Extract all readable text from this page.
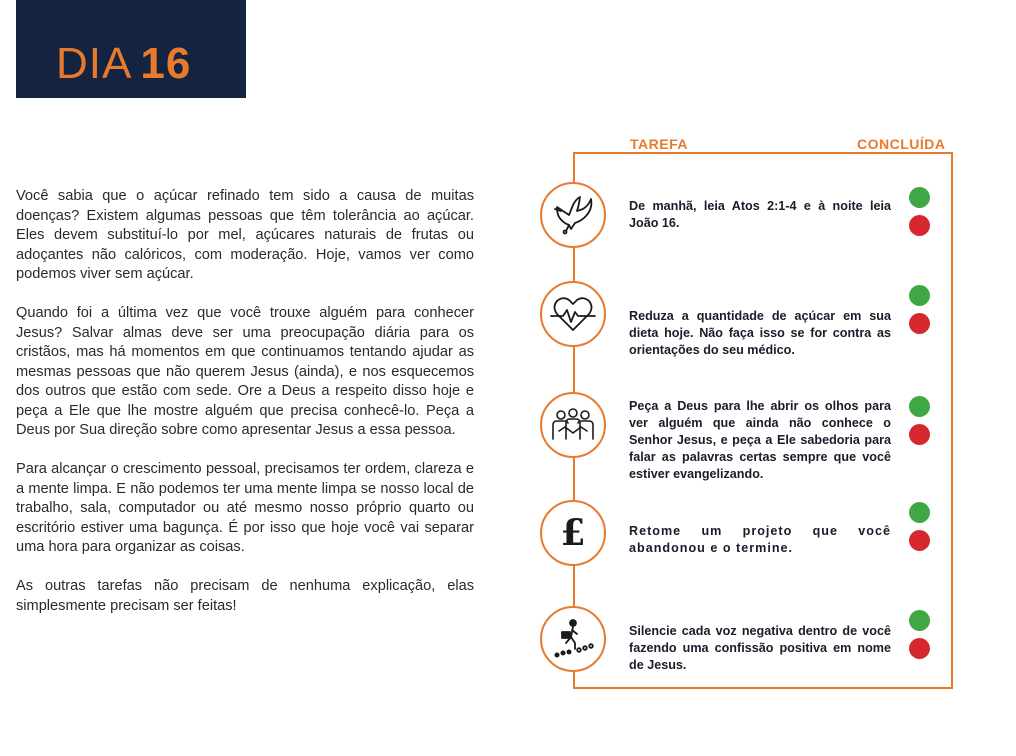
DIA 16

Você sabia que o açúcar refinado tem sido a causa de muitas doenças? Existem algumas pessoas que têm tolerância ao açúcar. Eles devem substituí-lo por mel, açúcares naturais de frutas ou adoçantes não calóricos, com moderação. Hoje, vamos ver como podemos viver sem açúcar.

Quando foi a última vez que você trouxe alguém para conhecer Jesus? Salvar almas deve ser uma preocupação diária para os cristãos, mas há momentos em que continuamos tentando ajudar as mesmas pessoas que não querem Jesus (ainda), e nos esquecemos dos outros que estão com sede. Ore a Deus a respeito disso hoje e peça a Ele que lhe mostre alguém que precisa conhecê-lo. Peça a Deus por Sua direção sobre como apresentar Jesus a essa pessoa.

Para alcançar o crescimento pessoal, precisamos ter ordem, clareza e a mente limpa. E não podemos ter uma mente limpa se nosso local de trabalho, sala, computador ou até mesmo nosso próprio quarto ou escritório estiver uma bagunça. É por isso que hoje você vai separar uma hora para organizar as coisas.

As outras tarefas não precisam de nenhuma explicação, elas simplesmente precisam ser feitas!

TAREFA	CONCLUÍDA
De manhã, leia Atos 2:1-4 e à noite leia João 16.
Reduza a quantidade de açúcar em sua dieta hoje. Não faça isso se for contra as orientações do seu médico.
Peça a Deus para lhe abrir os olhos para ver alguém que ainda não conhece o Senhor Jesus, e peça a Ele sabedoria para falar as palavras certas sempre que você estiver evangelizando.
£	Retome um projeto que você abandonou e o termine.
Silencie cada voz negativa dentro de você fazendo uma confissão positiva em nome de Jesus.
